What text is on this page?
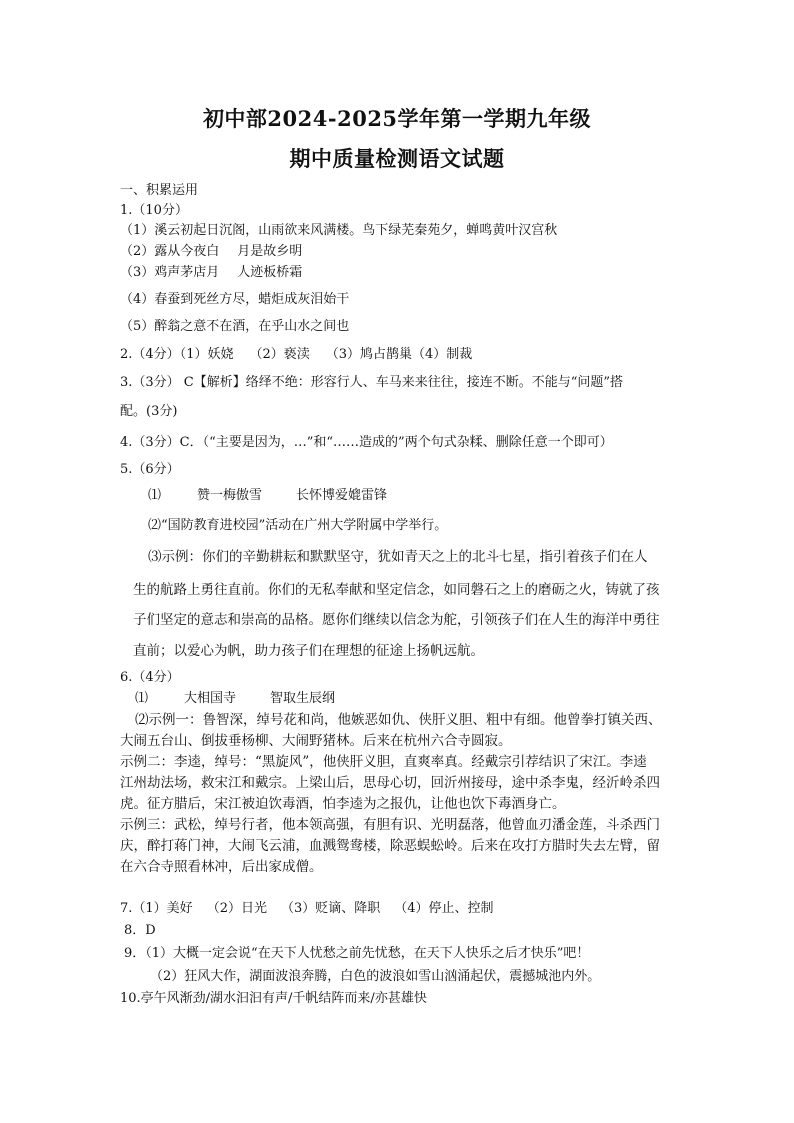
初中部2024-2025学年第一学期九年级
期中质量检测语文试题
一、积累运用
1.（10分）
（1）溪云初起日沉阁，山雨欲来风满楼。鸟下绿芜秦苑夕，蝉鸣黄叶汉宫秋
（2）露从今夜白 月是故乡明
（3）鸡声茅店月 人迹板桥霜
（4）春蚕到死丝方尽，蜡炬成灰泪始干
（5）醉翁之意不在酒，在乎山水之间也
2.（4分）（1）妖娆 （2）亵渎 （3）鸠占鹊巢（4）制裁
3.（3分） C【解析】络绎不绝：形容行人、车马来来往往，接连不断。不能与“问题”搭
配。(3分)
4.（3分）C．（“主要是因为，…”和“……造成的”两个句式杂糅、删除任意一个即可）
5.（6分）
⑴	赞一梅傲雪	长怀博爱媲雷锋
⑵“国防教育进校园”活动在广州大学附属中学举行。
⑶示例：你们的辛勤耕耘和默默坚守，犹如青天之上的北斗七星，指引着孩子们在人
生的航路上勇往直前。你们的无私奉献和坚定信念，如同磐石之上的磨砺之火，铸就了孩
子们坚定的意志和崇高的品格。愿你们继续以信念为舵，引领孩子们在人生的海洋中勇往
直前；以爱心为帆，助力孩子们在理想的征途上扬帆远航。
6.（4分）
⑴	大相国寺	智取生辰纲
⑵示例一：鲁智深，绰号花和尚，他嫉恶如仇、侠肝义胆、粗中有细。他曾拳打镇关西、
大闹五台山、倒拔垂杨柳、大闹野猪林。后来在杭州六合寺圆寂。
示例二：李逵，绰号：“黑旋风”，他侠肝义胆，直爽率真。经戴宗引荐结识了宋江。李逵
江州劫法场，救宋江和戴宗。上梁山后，思母心切，回沂州接母，途中杀李鬼，经沂岭杀四
虎。征方腊后，宋江被迫饮毒酒，怕李逵为之报仇，让他也饮下毒酒身亡。
示例三：武松，绰号行者，他本领高强，有胆有识、光明磊落，他曾血刃潘金莲，斗杀西门
庆，醉打蒋门神，大闹飞云浦，血溅鸳鸯楼，除恶蜈蚣岭。后来在攻打方腊时失去左臂，留
在六合寺照看林冲，后出家成僧。
7.（1）美好 （2）日光 （3）贬谪、降职 （4）停止、控制
8．D
9．（1）大概一定会说“在天下人忧愁之前先忧愁，在天下人快乐之后才快乐”吧！
（2）狂风大作，湖面波浪奔腾，白色的波浪如雪山汹涌起伏，震撼城池内外。
10.亭午风渐劲/湖水汩汩有声/千帆结阵而来/亦甚雄快
